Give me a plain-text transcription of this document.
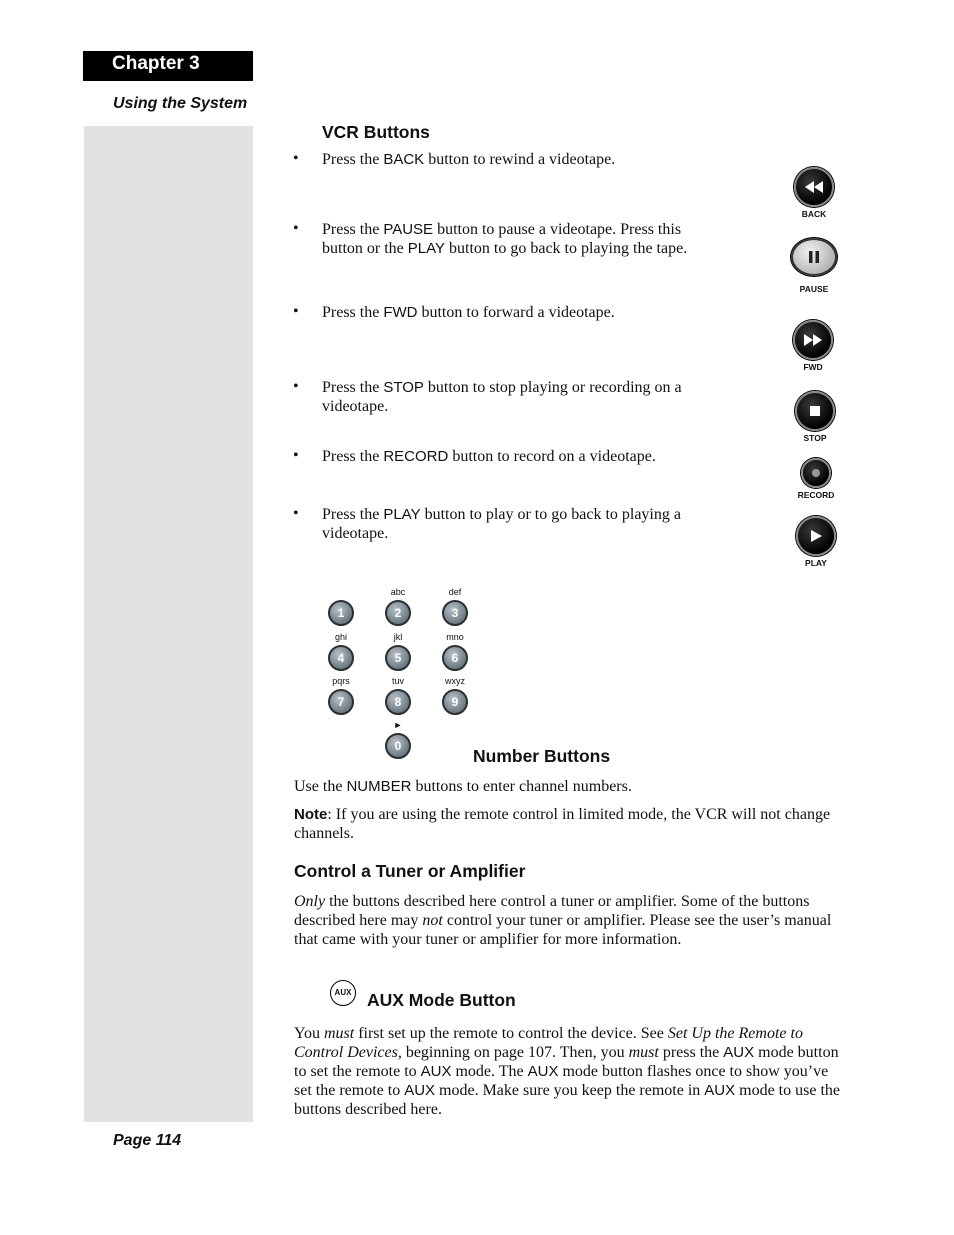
Chapter 3
Using the System
VCR Buttons
• Press the BACK button to rewind a videotape.
• Press the PAUSE button to pause a videotape. Press this button or the PLAY button to go back to playing the tape.
• Press the FWD button to forward a videotape.
• Press the STOP button to stop playing or recording on a videotape.
• Press the RECORD button to record on a videotape.
• Press the PLAY button to play or to go back to playing a videotape.
BACK
PAUSE
FWD
STOP
RECORD
PLAY
1
abc
2
def
3
ghi
4
jkl
5
mno
6
pqrs
7
tuv
8
wxyz
9
►
0	Number Buttons
Use the NUMBER buttons to enter channel numbers.
Note: If you are using the remote control in limited mode, the VCR will not change channels.
Control a Tuner or Amplifier
Only the buttons described here control a tuner or amplifier. Some of the buttons described here may not control your tuner or amplifier. Please see the user’s manual that came with your tuner or amplifier for more information.
AUX AUX Mode Button
You must first set up the remote to control the device. See Set Up the Remote to Control Devices, beginning on page 107. Then, you must press the AUX mode button to set the remote to AUX mode. The AUX mode button flashes once to show you’ve set the remote to AUX mode. Make sure you keep the remote in AUX mode to use the buttons described here.
Page 114
